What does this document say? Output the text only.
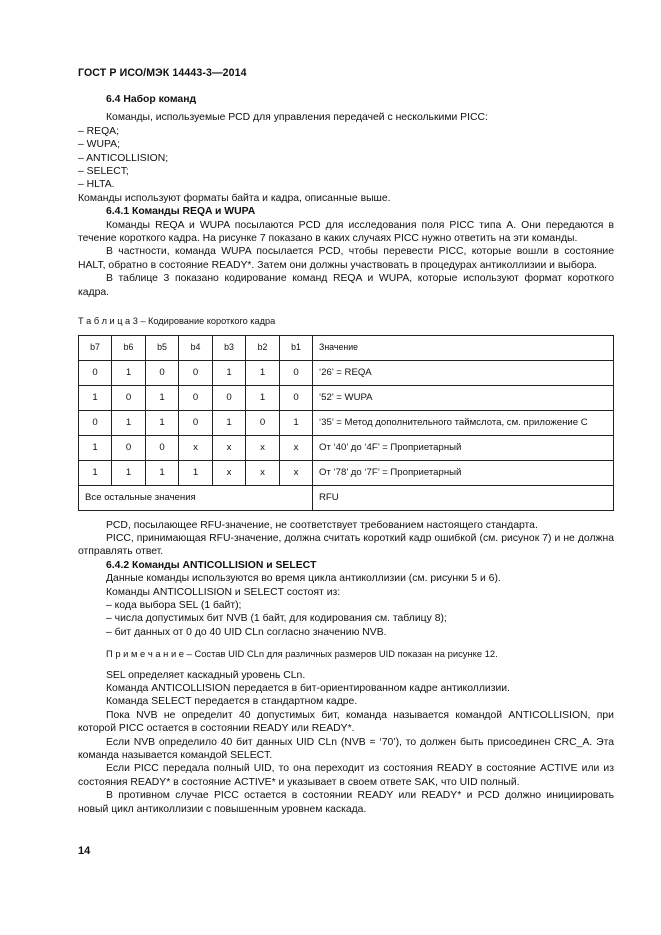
ГОСТ Р ИСО/МЭК 14443-3—2014

6.4 Набор команд

Команды, используемые PCD для управления передачей с несколькими PICC:

– REQA;

– WUPA;

– ANTICOLLISION;

– SELECT;

– HLTA.

Команды используют форматы байта и кадра, описанные выше.

6.4.1 Команды REQA и WUPA

Команды REQA и WUPA посылаются PCD для исследования поля PICC типа А. Они передаются в течение короткого кадра. На рисунке 7 показано в каких случаях PICC нужно ответить на эти команды.

В частности, команда WUPA посылается PCD, чтобы перевести PICC, которые вошли в состояние HALT, обратно в состояние READY*. Затем они должны участвовать в процедурах антиколлизии и выбора.

В таблице 3 показано кодирование команд REQA и WUPA, которые используют формат короткого кадра.

Т а б л и ц а 3 – Кодирование короткого кадра

b7	b6	b5	b4	b3	b2	b1	Значение
0	1	0	0	1	1	0	‘26’ = REQA
1	0	1	0	0	1	0	‘52’ = WUPA
0	1	1	0	1	0	1	‘35’ = Метод дополнительного таймслота, см. приложение С
1	0	0	x	x	x	x	От ‘40’ до ‘4F’ = Проприетарный
1	1	1	1	x	x	x	От ‘78’ до ‘7F’ = Проприетарный
Все остальные значения							RFU

PCD, посылающее RFU-значение, не соответствует требованием настоящего стандарта.

PICC, принимающая RFU-значение, должна считать короткий кадр ошибкой (см. рисунок 7) и не должна отправлять ответ.

6.4.2 Команды ANTICOLLISION и SELECT

Данные команды используются во время цикла антиколлизии (см. рисунки 5 и 6).

Команды ANTICOLLISION и SELECT состоят из:

– кода выбора SEL (1 байт);

– числа допустимых бит NVB (1 байт, для кодирования см. таблицу 8);

– бит данных от 0 до 40 UID CLn согласно значению NVB.

П р и м е ч а н и е – Состав UID CLn для различных размеров UID показан на рисунке 12.

SEL определяет каскадный уровень CLn.

Команда ANTICOLLISION передается в бит-ориентированном кадре антиколлизии.

Команда SELECT передается в стандартном кадре.

Пока NVB не определит 40 допустимых бит, команда называется командой ANTICOLLISION, при которой PICC остается в состоянии READY или READY*.

Если NVB определило 40 бит данных UID CLn (NVB = ‘70’), то должен быть присоединен CRC_A. Эта команда называется командой SELECT.

Если PICC передала полный UID, то она переходит из состояния READY в состояние ACTIVE или из состояния READY* в состояние ACTIVE* и указывает в своем ответе SAK, что UID полный.

В противном случае PICC остается в состоянии READY или READY* и PCD должно инициировать новый цикл антиколлизии с повышенным уровнем каскада.

14
